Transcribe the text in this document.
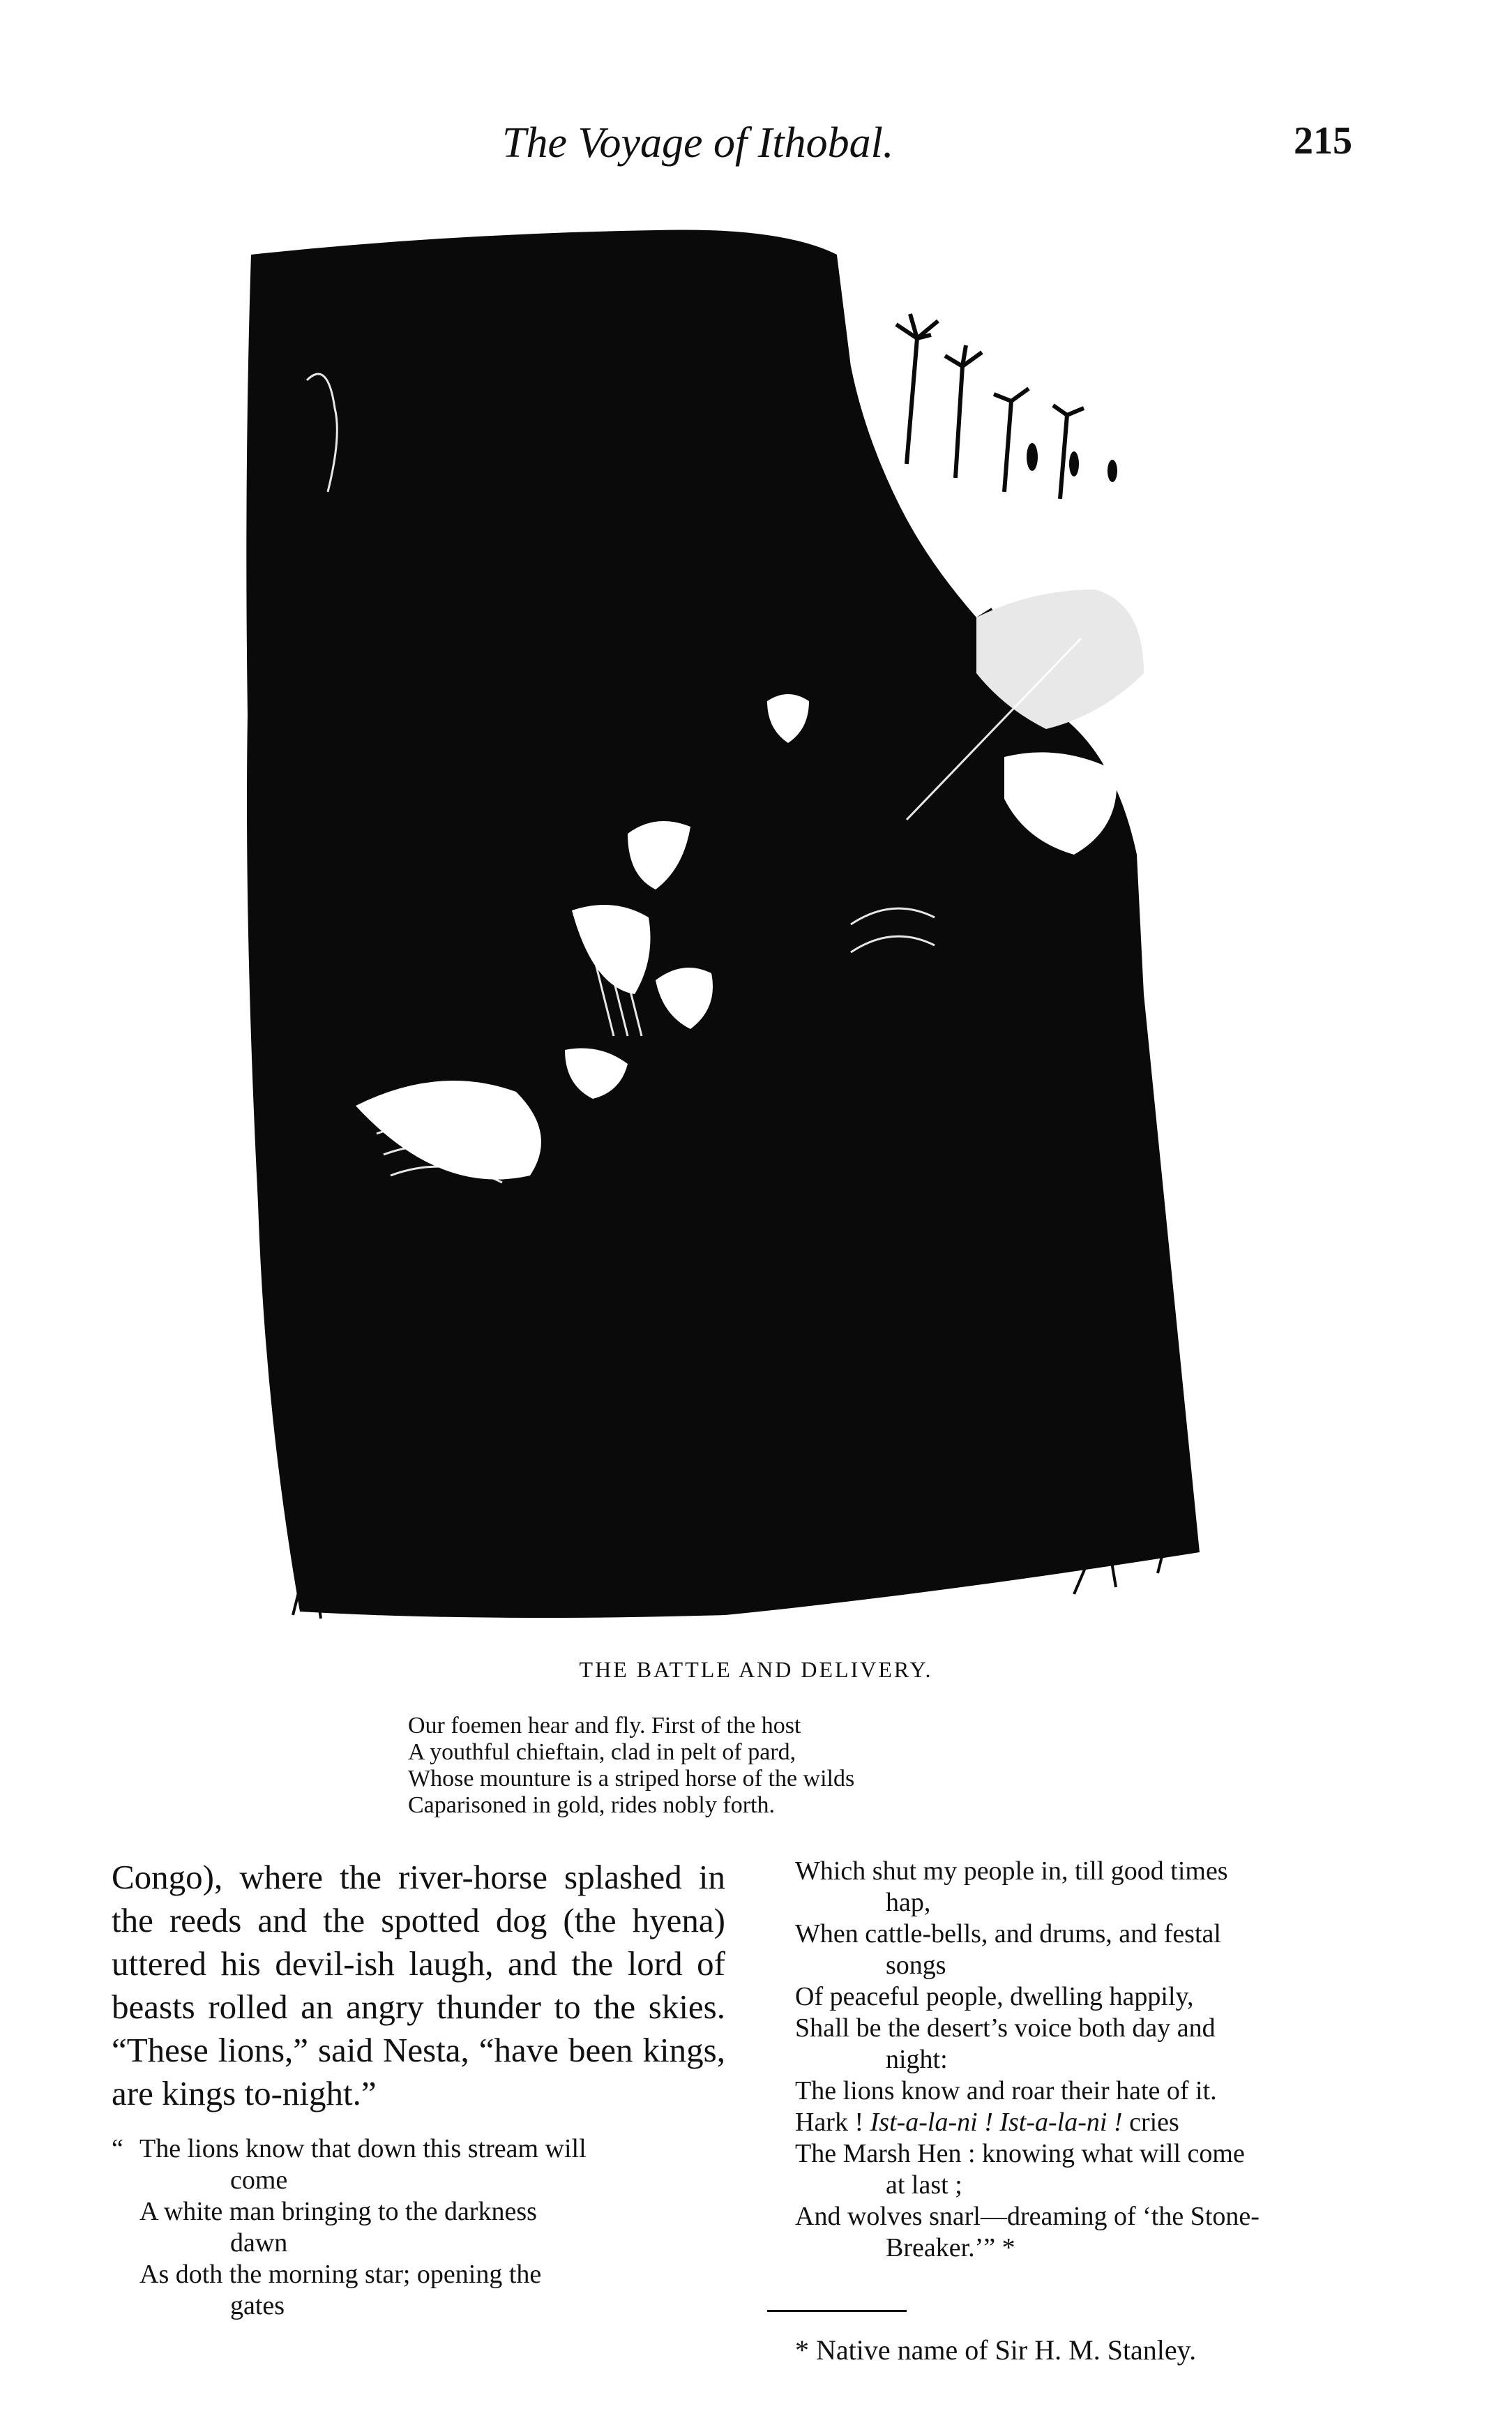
The Voyage of Ithobal.	215
THE BATTLE AND DELIVERY.
Our foemen hear and fly. First of the host
A youthful chieftain, clad in pelt of pard,
Whose mounture is a striped horse of the wilds
Caparisoned in gold, rides nobly forth.
Congo), where the river-horse splashed in the reeds and the spotted dog (the hyena) uttered his devil-ish laugh, and the lord of beasts rolled an angry thunder to the skies. “These lions,” said Nesta, “have been kings, are kings to-night.”
“ The lions know that down this stream will
come
A white man bringing to the darkness
dawn
As doth the morning star; opening the
gates
Which shut my people in, till good times
hap,
When cattle-bells, and drums, and festal
songs
Of peaceful people, dwelling happily,
Shall be the desert’s voice both day and
night:
The lions know and roar their hate of it.
Hark ! Ist-a-la-ni ! Ist-a-la-ni ! cries
The Marsh Hen : knowing what will come
at last ;
And wolves snarl—dreaming of ‘the Stone-
Breaker.’” *
* Native name of Sir H. M. Stanley.
